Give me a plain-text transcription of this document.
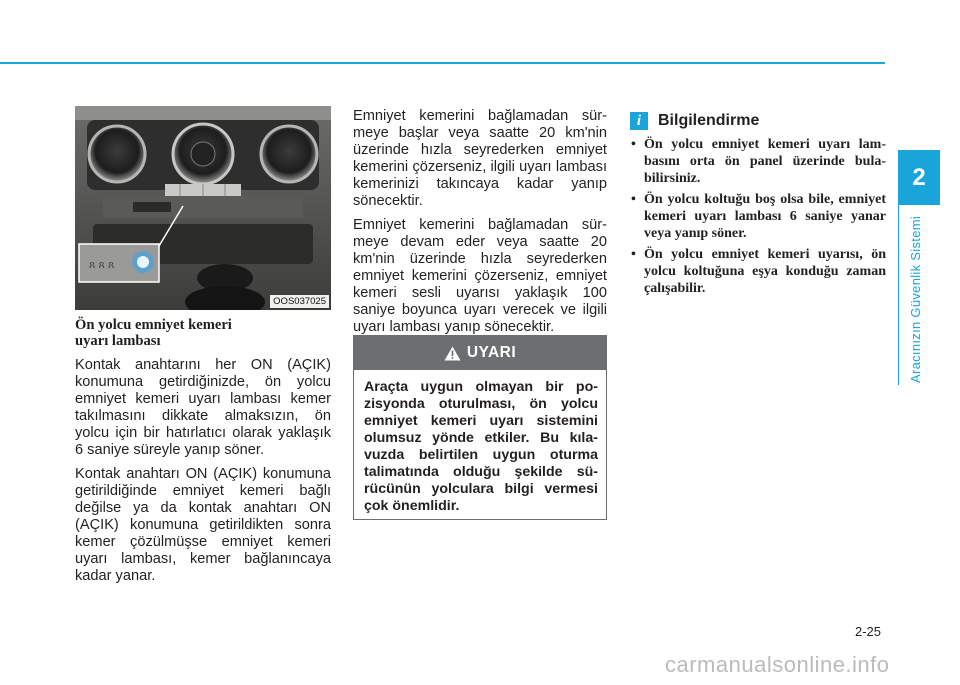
2
Aracınızın Güvenlik Sistemi
ጸ ጸ ጸ
OOS037025
Ön yolcu emniyet kemeri
uyarı lambası

Kontak anahtarını her ON (AÇIK) konumuna getirdiğinizde, ön yolcu emniyet kemeri uyarı lambası kemer takılmasını dikkate almaksızın, ön yolcu için bir hatırlatıcı olarak yaklaşık 6 saniye süreyle yanıp söner.

Kontak anahtarı ON (AÇIK) konumuna getirildiğinde emniyet kemeri bağlı değilse ya da kontak anahtarı ON (AÇIK) konumuna getirildikten sonra kemer çözülmüşse emniyet kemeri uyarı lambası, kemer bağlanıncaya kadar yanar.

Emniyet kemerini bağlamadan sürmeye başlar veya saatte 20 km'nin üzerinde hızla seyrederken emniyet kemerini çözerseniz, ilgili uyarı lambası kemerinizi takıncaya kadar yanıp sönecektir.

Emniyet kemerini bağlamadan sürmeye devam eder veya saatte 20 km'nin üzerinde hızla seyrederken emniyet kemerini çözerseniz, emniyet kemeri sesli uyarısı yaklaşık 100 saniye boyunca uyarı verecek ve ilgili uyarı lambası yanıp sönecektir.

UYARI
Araçta uygun olmayan bir pozisyonda oturulması, ön yolcu emniyet kemeri uyarı sistemini olumsuz yönde etkiler. Bu kılavuzda belirtilen uygun oturma talimatında olduğu şekilde sürücünün yolculara bilgi vermesi çok önemlidir.
i	Bilgilendirme
• Ön yolcu emniyet kemeri uyarı lambasını orta ön panel üzerinde bulabilirsiniz.
• Ön yolcu koltuğu boş olsa bile, emniyet kemeri uyarı lambası 6 saniye yanar veya yanıp söner.
• Ön yolcu emniyet kemeri uyarısı, ön yolcu koltuğuna eşya konduğu zaman çalışabilir.
2-25
carmanualsonline.info
